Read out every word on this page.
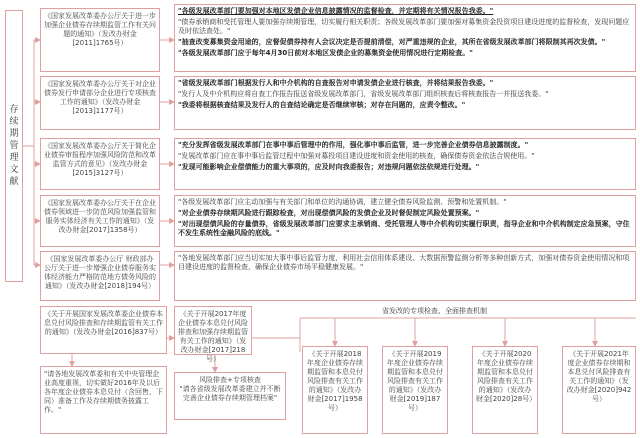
存续期管理文献
《国家发展改革委办公厅关于进一步加强企业债券存续期监管工作有关问题的通知》（发改办财金[2011]1765号）
《国家发展改革委办公厅关于对企业债券发行申请部分企业进行专项核查工作的通知》（发改办财金[2013]1177号）
《国家发展改革委办公厅关于简化企业债券审报程序加强风险防范和改革监管方式的意见》（发改办财金[2015]3127号）
《国家发展改革委办公厅关于在企业债券领域进一步防范风险加强监管和服务实体经济有关工作的通知》（发改办财金[2017]1358号）
《国家发展改革委办公厅 财政部办公厅关于进一步增强企业债券服务实体经济能力严格防范地方债务风险的通知》（发改办财金[2018]194号）

"各级发展改革部门要加强对本地区发债企业信息披露情况的监督检查，并定期将有关情况报告我委。"

"债券承销商和受托管理人要加强存续期管理，切实履行相关职责；各级发展改革部门要加强对募集资金投资项目建设进度的监督检查，发现问题应及时依法查处。"

"抽查改变募集资金用途的，应督促债券持有人会议决定是否提前清偿，对严重违规的企业，其所在省级发展改革部门将限制其再次发债。"

"各级发展改革部门应于每年4月30日前对本地区发债企业的募集资金使用情况进行定期检查。"

"省级发展改革部门根据发行人和中介机构的自查报告对申请发债企业进行核查，并将结果报告我委。"

"发行人及中介机构应将自查工作报告报送省级发展改革部门，省级发展改革部门组织核查后将核查报告一并报送我委。"

"我委将根据核查结果及发行人的自查结论确定是否继续审核；对存在问题的，应责令整改。"

"充分发挥省级发展改革部门在事中事后管理中的作用，强化事中事后监管，进一步完善企业债券信息披露制度。"

"发展改革部门应在事中事后监管过程中加强对募投项目建设进度和资金使用的核查，确保债券资金依法合规使用。"

"发现可能影响企业偿债能力的重大事项的，应及时向我委报告；对违规问题依法依规进行处理。"

"各级发展改革部门应主动加强与有关部门和单位的沟通协调，建立健全债券风险监测、预警和处置机制。"

"对企业债券存续期风险进行跟踪检查，对出现偿债风险的发债企业及时督促制定风险处置预案。"

"对出现偿债风险的存量债券，省级发展改革部门应要求主承销商、受托管理人等中介机构切实履行职责，指导企业和中介机构制定应急预案，守住不发生系统性金融风险的底线。"

"各地发展改革部门应当切实加大事中事后监管力度，利用社会信用体系建设、大数据预警监测分析等多种创新方式，加强对债券资金使用情况和项目建设进度的监督检查，确保企业债券市场平稳健康发展。"

《关于开展国家发展改革委企业债券本息兑付风险排查和存续期监管有关工作的通知》（发改办财金[2016]837号）
《关于开展2017年度企业债券本息兑付风险排查和加强存续期监管有关工作的通知》（发改办财金[2017]218号）
省发改的专项检查、全面排查机制
《关于开展2018年度企业债券存续期监管和本息兑付风险排查有关工作的通知》（发改办财金[2017]1958号）
《关于开展2019年度企业债券存续期监管和本息兑付风险排查有关工作的通知》（发改办财金[2019]187号）
《关于开展2020年度企业债券存续期监管和本息兑付风险排查有关工作的通知》（发改办财金[2020]28号）
《关于开展2021年度企业债券存续期和本息兑付风险排查有关工作的通知》（发改办财金[2020]942号）
"请各地发展改革委和有关中央管理企业高度重视，切实做好2016年及以后各年度企业债券本息兑付（含回售，下同）准备工作及存续期债务披露工作。"
风险排查+专项核查
"请各省级发展改革委建立并不断完善企业债券存续期管理档案"
